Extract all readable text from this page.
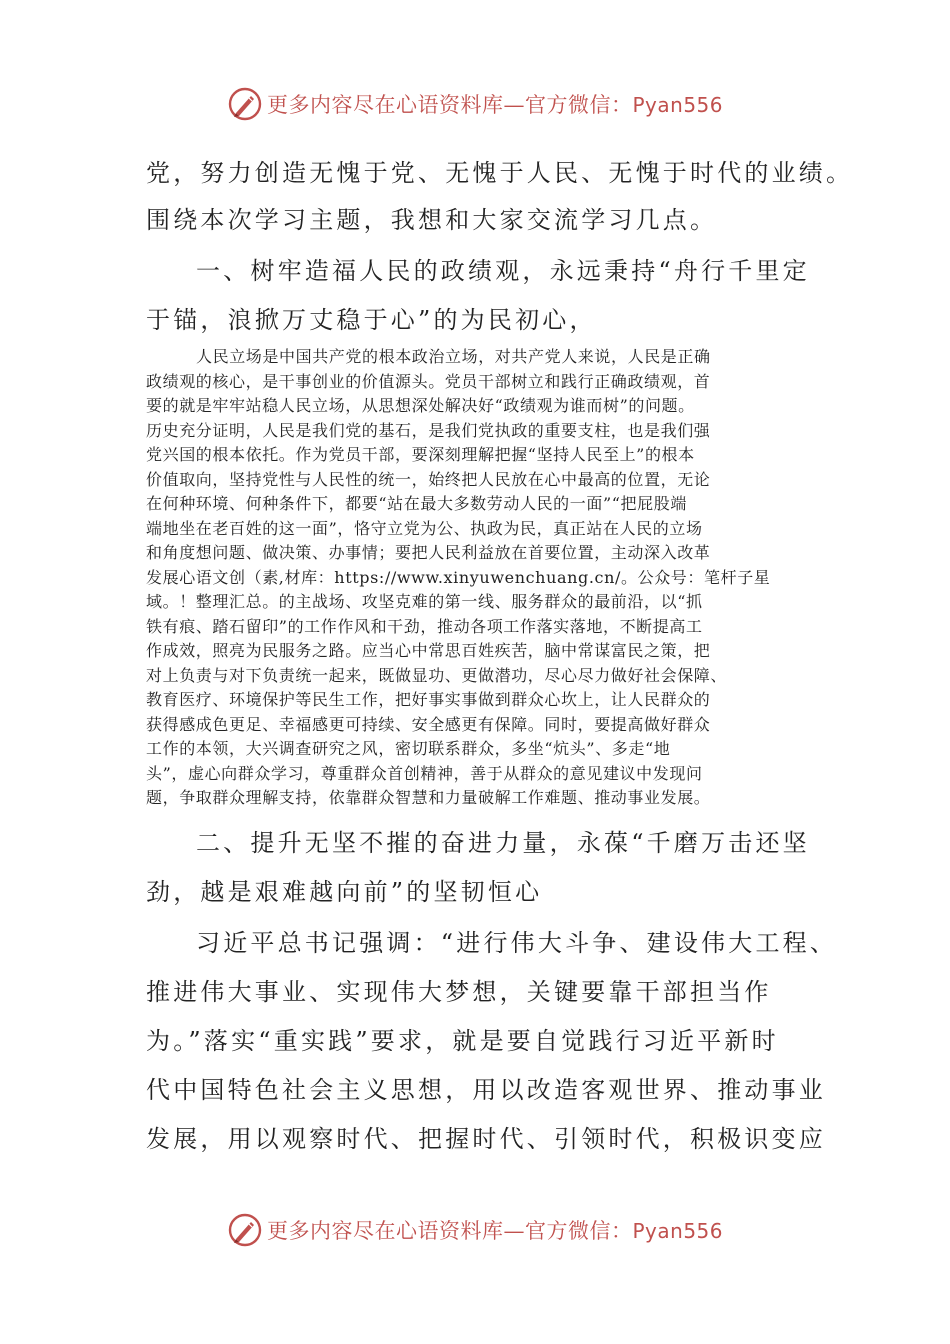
更多内容尽在心语资料库—官方微信：Pyan556
党，努力创造无愧于党、无愧于人民、无愧于时代的业绩。
围绕本次学习主题，我想和大家交流学习几点。
一、树牢造福人民的政绩观，永远秉持“舟行千里定
于锚，浪掀万丈稳于心”的为民初心，
人民立场是中国共产党的根本政治立场，对共产党人来说，人民是正确
政绩观的核心，是干事创业的价值源头。党员干部树立和践行正确政绩观，首
要的就是牢牢站稳人民立场，从思想深处解决好“政绩观为谁而树”的问题。
历史充分证明，人民是我们党的基石，是我们党执政的重要支柱，也是我们强
党兴国的根本依托。作为党员干部，要深刻理解把握“坚持人民至上”的根本
价值取向，坚持党性与人民性的统一，始终把人民放在心中最高的位置，无论
在何种环境、何种条件下，都要“站在最大多数劳动人民的一面”“把屁股端
端地坐在老百姓的这一面”，恪守立党为公、执政为民，真正站在人民的立场
和角度想问题、做决策、办事情；要把人民利益放在首要位置，主动深入改革
发展心语文创（素,材库：https://www.xinyuwenchuang.cn/。公众号：笔杆子星
域。！整理汇总。的主战场、攻坚克难的第一线、服务群众的最前沿，以“抓
铁有痕、踏石留印”的工作作风和干劲，推动各项工作落实落地，不断提高工
作成效，照亮为民服务之路。应当心中常思百姓疾苦，脑中常谋富民之策，把
对上负责与对下负责统一起来，既做显功、更做潜功，尽心尽力做好社会保障、
教育医疗、环境保护等民生工作，把好事实事做到群众心坎上，让人民群众的
获得感成色更足、幸福感更可持续、安全感更有保障。同时，要提高做好群众
工作的本领，大兴调查研究之风，密切联系群众，多坐“炕头”、多走“地
头”，虚心向群众学习，尊重群众首创精神，善于从群众的意见建议中发现问
题，争取群众理解支持，依靠群众智慧和力量破解工作难题、推动事业发展。
二、提升无坚不摧的奋进力量，永葆“千磨万击还坚
劲，越是艰难越向前”的坚韧恒心
习近平总书记强调：“进行伟大斗争、建设伟大工程、
推进伟大事业、实现伟大梦想，关键要靠干部担当作
为。”落实“重实践”要求，就是要自觉践行习近平新时
代中国特色社会主义思想，用以改造客观世界、推动事业
发展，用以观察时代、把握时代、引领时代，积极识变应
更多内容尽在心语资料库—官方微信：Pyan556
